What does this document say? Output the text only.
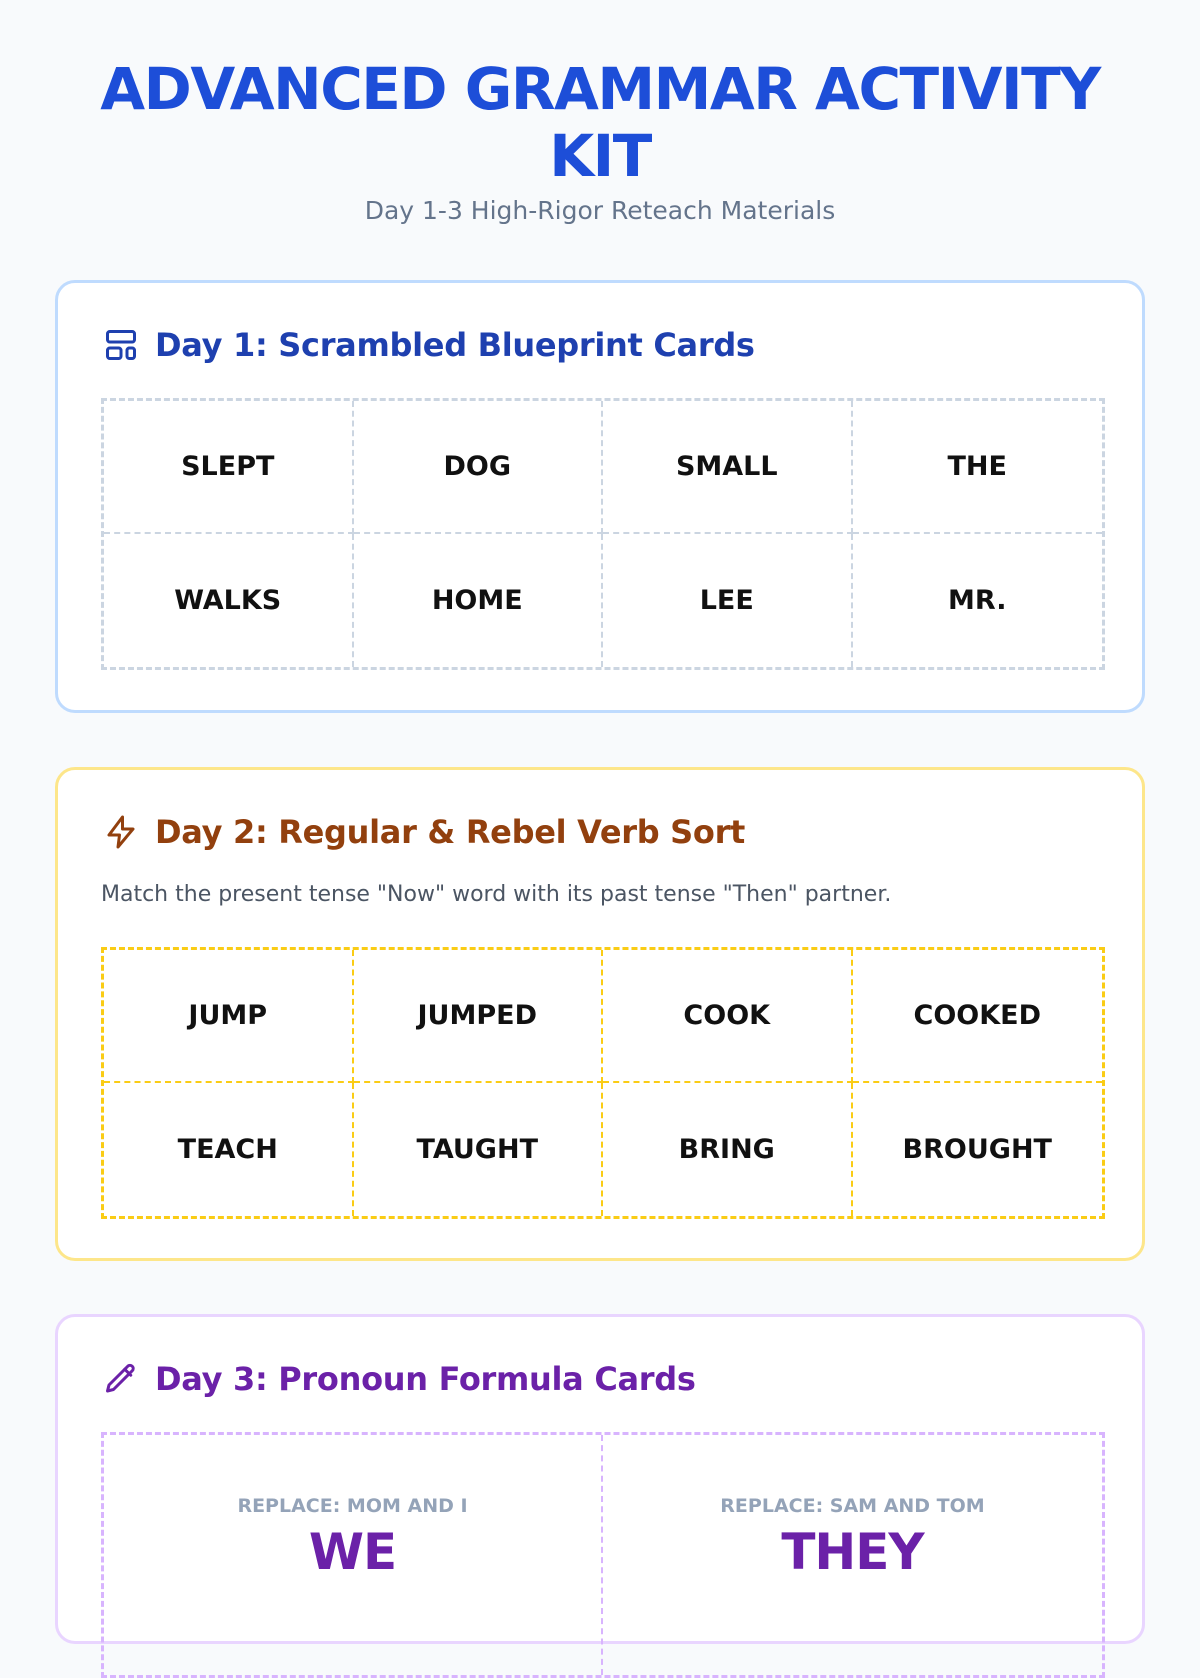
ADVANCED GRAMMAR ACTIVITY KIT
Day 1-3 High-Rigor Reteach Materials
Day 1: Scrambled Blueprint Cards
SLEPT	DOG	SMALL	THE
WALKS	HOME	LEE	MR.
Day 2: Regular & Rebel Verb Sort
Match the present tense "Now" word with its past tense "Then" partner.
JUMP	JUMPED	COOK	COOKED
TEACH	TAUGHT	BRING	BROUGHT
Day 3: Pronoun Formula Cards
REPLACE: MOM AND I
WE
REPLACE: SAM AND TOM
THEY
